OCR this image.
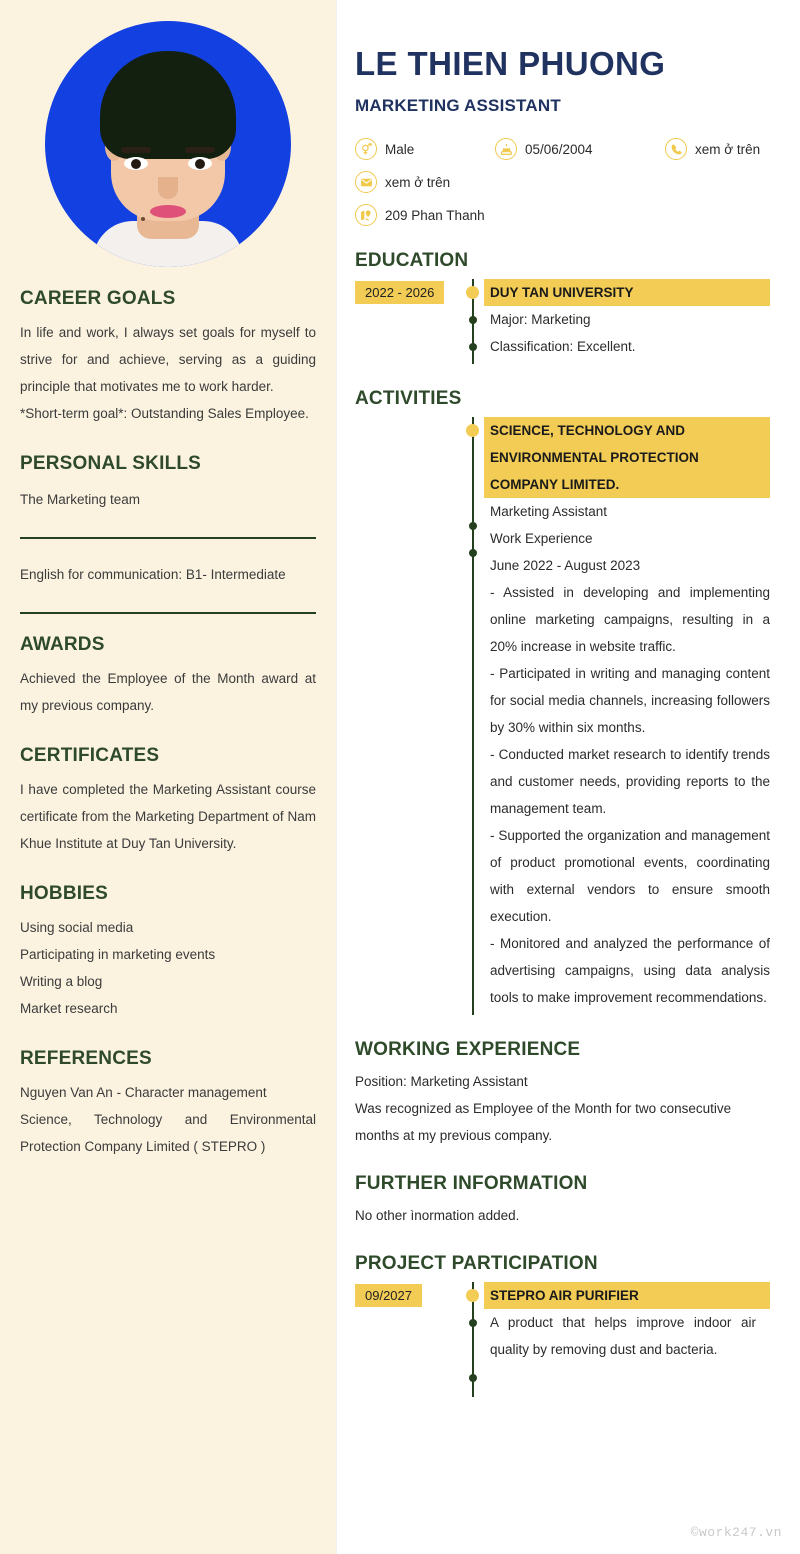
CAREER GOALS

In life and work, I always set goals for myself to strive for and achieve, serving as a guiding principle that motivates me to work harder.

*Short-term goal*: Outstanding Sales Employee.

PERSONAL SKILLS
The Marketing team
English for communication: B1- Intermediate
AWARDS

Achieved the Employee of the Month award at my previous company.

CERTIFICATES

I have completed the Marketing Assistant course certificate from the Marketing Department of Nam Khue Institute at Duy Tan University.

HOBBIES
Using social media
Participating in marketing events
Writing a blog
Market research
REFERENCES
Nguyen Van An - Character management

Science, Technology and Environmental Protection Company Limited ( STEPRO )

LE THIEN PHUONG
MARKETING ASSISTANT
Male	05/06/2004	xem ở trên
xem ở trên
209 Phan Thanh
EDUCATION
2022 - 2026	DUY TAN UNIVERSITY
Major: Marketing
Classification: Excellent.
ACTIVITIES
SCIENCE, TECHNOLOGY AND ENVIRONMENTAL PROTECTION COMPANY LIMITED.
Marketing Assistant
Work Experience
June 2022 - August 2023
- Assisted in developing and implementing online marketing campaigns, resulting in a 20% increase in website traffic.
- Participated in writing and managing content for social media channels, increasing followers by 30% within six months.
- Conducted market research to identify trends and customer needs, providing reports to the management team.
- Supported the organization and management of product promotional events, coordinating with external vendors to ensure smooth execution.
- Monitored and analyzed the performance of advertising campaigns, using data analysis tools to make improvement recommendations.
WORKING EXPERIENCE
Position: Marketing Assistant
Was recognized as Employee of the Month for two consecutive months at my previous company.
FURTHER INFORMATION
No other ìnormation added.
PROJECT PARTICIPATION
09/2027	STEPRO AIR PURIFIER
A product that helps improve indoor air quality by removing dust and bacteria.
©work247.vn
